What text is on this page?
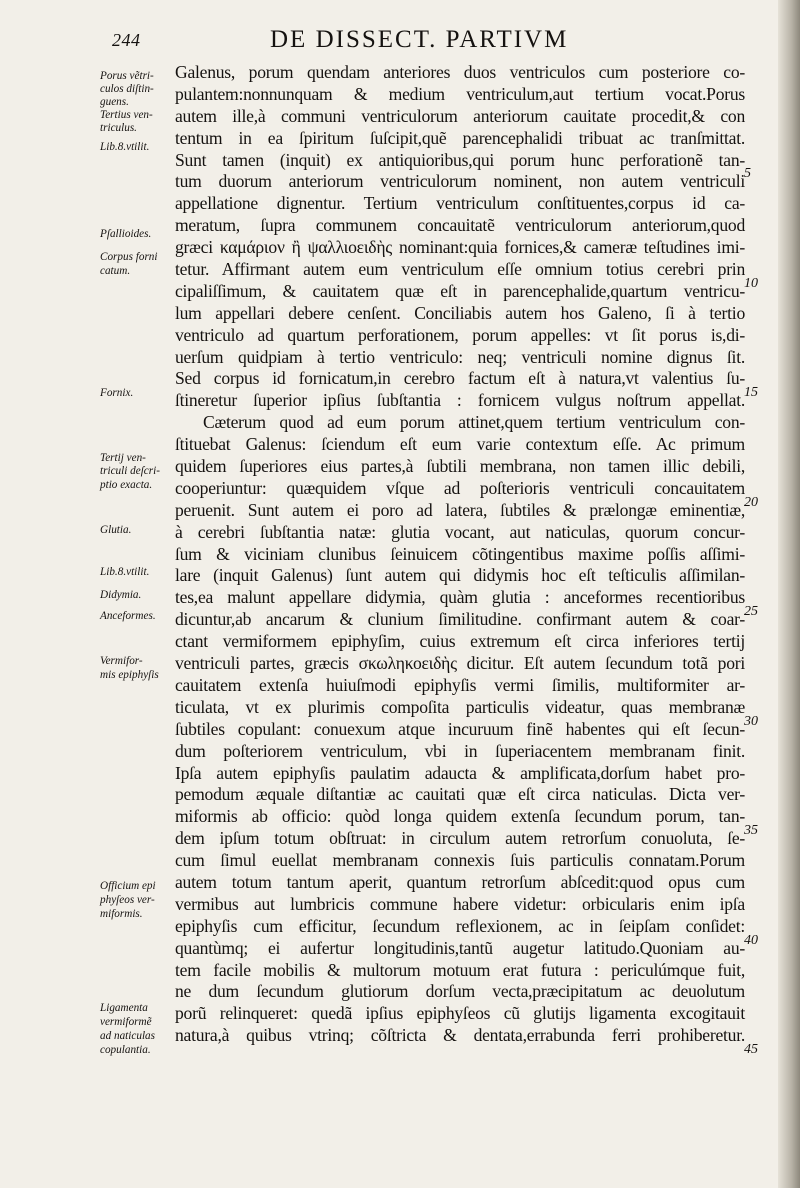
244	DE DISSECT. PARTIVM
Porus vẽtri-
culos diſtin-
guens.
Tertius ven-
triculus.
Lib.8.vtilit.
Pſallioides.
Corpus forni
catum.
Fornix.
Tertij ven-
triculi deſcri-
ptio exacta.
Glutia.
Lib.8.vtilit.
Didymia.
Anceformes.
Vermifor-
mis epiphyſis
Officium epi
phyſeos ver-
miformis.
Ligamenta
vermiformẽ
ad naticulas
copulantia.
Galenus, porum quendam anteriores duos ventriculos cum posteriore co-
pulantem:nonnunquam & medium ventriculum,aut tertium vocat.Porus
autem ille,à communi ventriculorum anteriorum cauitate procedit,& con
tentum in ea ſpiritum ſuſcipit,quẽ parencephalidi tribuat ac tranſmittat.
Sunt tamen (inquit) ex antiquioribus,qui porum hunc perforationẽ tan-
tum duorum anteriorum ventriculorum nominent, non autem ventriculi
appellatione dignentur. Tertium ventriculum conſtituentes,corpus id ca-
meratum, ſupra communem concauitatẽ ventriculorum anteriorum,quod
græci καμάριον ἢ ψαλλιοειδὴς nominant:quia fornices,& cameræ teſtudines imi-
tetur. Affirmant autem eum ventriculum eſſe omnium totius cerebri prin
cipaliſſimum, & cauitatem quæ eſt in parencephalide,quartum ventricu-
lum appellari debere cenſent. Conciliabis autem hos Galeno, ſi à tertio
ventriculo ad quartum perforationem, porum appelles: vt ſit porus is,di-
uerſum quidpiam à tertio ventriculo: neq; ventriculi nomine dignus ſit.
Sed corpus id fornicatum,in cerebro factum eſt à natura,vt valentius ſu-
ſtineretur ſuperior ipſius ſubſtantia : fornicem vulgus noſtrum appellat.
Cæterum quod ad eum porum attinet,quem tertium ventriculum con-
ſtituebat Galenus: ſciendum eſt eum varie contextum eſſe. Ac primum
quidem ſuperiores eius partes,à ſubtili membrana, non tamen illic debili,
cooperiuntur: quæquidem vſque ad poſterioris ventriculi concauitatem
peruenit. Sunt autem ei poro ad latera, ſubtiles & prælongæ eminentiæ,
à cerebri ſubſtantia natæ: glutia vocant, aut naticulas, quorum concur-
ſum & viciniam clunibus ſeinuicem cõtingentibus maxime poſſis aſſimi-
lare (inquit Galenus) ſunt autem qui didymis hoc eſt teſticulis aſſimilan-
tes,ea malunt appellare didymia, quàm glutia : anceformes recentioribus
dicuntur,ab ancarum & clunium ſimilitudine. confirmant autem & coar-
ctant vermiformem epiphyſim, cuius extremum eſt circa inferiores tertij
ventriculi partes, græcis σκωληκοειδὴς dicitur. Eſt autem ſecundum totã pori
cauitatem extenſa huiuſmodi epiphyſis vermi ſimilis, multiformiter ar-
ticulata, vt ex plurimis compoſita particulis videatur, quas membranæ
ſubtiles copulant: conuexum atque incuruum finẽ habentes qui eſt ſecun-
dum poſteriorem ventriculum, vbi in ſuperiacentem membranam finit.
Ipſa autem epiphyſis paulatim adaucta & amplificata,dorſum habet pro-
pemodum æquale diſtantiæ ac cauitati quæ eſt circa naticulas. Dicta ver-
miformis ab officio: quòd longa quidem extenſa ſecundum porum, tan-
dem ipſum totum obſtruat: in circulum autem retrorſum conuoluta, ſe-
cum ſimul euellat membranam connexis ſuis particulis connatam.Porum
autem totum tantum aperit, quantum retrorſum abſcedit:quod opus cum
vermibus aut lumbricis commune habere videtur: orbicularis enim ipſa
epiphyſis cum efficitur, ſecundum reflexionem, ac in ſeipſam conſidet:
quantùmq; ei aufertur longitudinis,tantũ augetur latitudo.Quoniam au-
tem facile mobilis & multorum motuum erat futura : periculúmque fuit,
ne dum ſecundum glutiorum dorſum vecta,præcipitatum ac deuolutum
porũ relinqueret: quedã ipſius epiphyſeos cũ glutijs ligamenta excogitauit
natura,à quibus vtrinq; cõſtricta & dentata,errabunda ferri prohiberetur.
5
10
15
20
25
30
35
40
45
